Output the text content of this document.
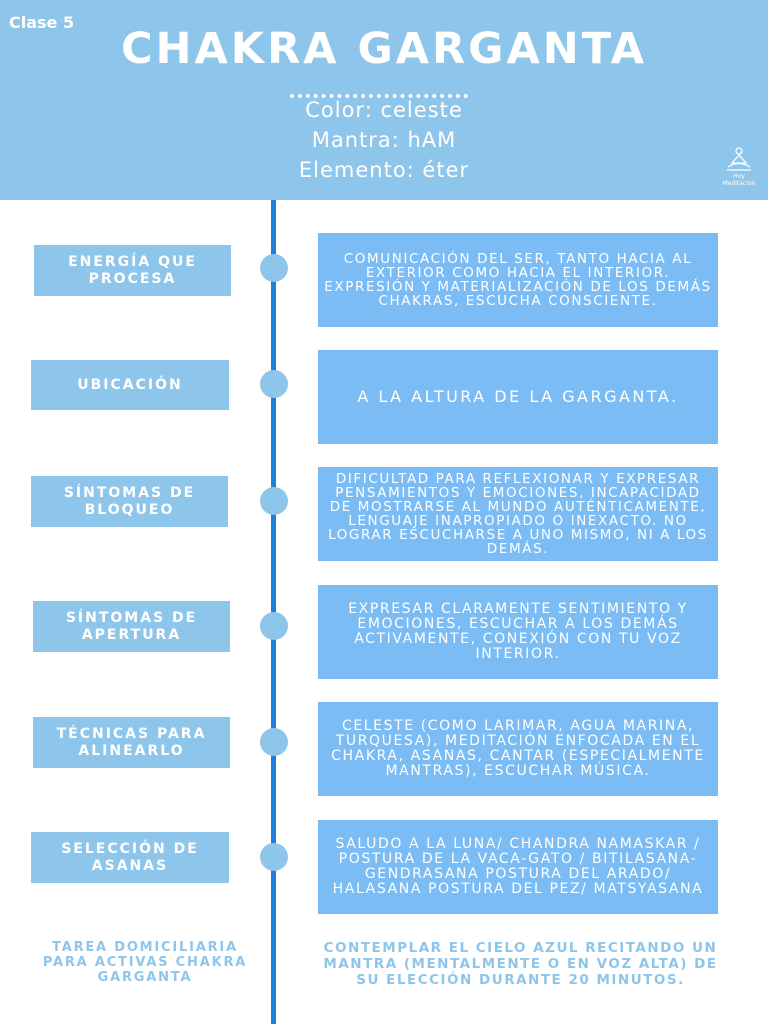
Clase 5
CHAKRA GARGANTA
Color: celeste
Mantra: hAM
Elemento: éter	Hoy
Meditación
ENERGÍA QUE PROCESA
COMUNICACIÓN DEL SER, TANTO HACIA AL EXTERIOR COMO HACIA EL INTERIOR. EXPRESIÓN Y MATERIALIZACIÓN DE LOS DEMÁS CHAKRAS, ESCUCHA CONSCIENTE.
UBICACIÓN
A LA ALTURA DE LA GARGANTA.
SÍNTOMAS DE BLOQUEO
DIFICULTAD PARA REFLEXIONAR Y EXPRESAR PENSAMIENTOS Y EMOCIONES, INCAPACIDAD DE MOSTRARSE AL MUNDO AUTÉNTICAMENTE, LENGUAJE INAPROPIADO O INEXACTO. NO LOGRAR ESCUCHARSE A UNO MISMO, NI A LOS DEMÁS.
SÍNTOMAS DE APERTURA
EXPRESAR CLARAMENTE SENTIMIENTO Y EMOCIONES, ESCUCHAR A LOS DEMÁS ACTIVAMENTE, CONEXIÓN CON TU VOZ INTERIOR.
TÉCNICAS PARA ALINEARLO
CELESTE (COMO LARIMAR, AGUA MARINA, TURQUESA), MEDITACIÓN ENFOCADA EN EL CHAKRA, ASANAS, CANTAR (ESPECIALMENTE MANTRAS), ESCUCHAR MÚSICA.
SELECCIÓN DE ASANAS
SALUDO A LA LUNA/ CHANDRA NAMASKAR / POSTURA DE LA VACA-GATO / BITILASANA- GENDRASANA POSTURA DEL ARADO/ HALASANA POSTURA DEL PEZ/ MATSYASANA
TAREA DOMICILIARIA PARA ACTIVAS CHAKRA GARGANTA
CONTEMPLAR EL CIELO AZUL RECITANDO UN MANTRA (MENTALMENTE O EN VOZ ALTA) DE SU ELECCIÓN DURANTE 20 MINUTOS.
